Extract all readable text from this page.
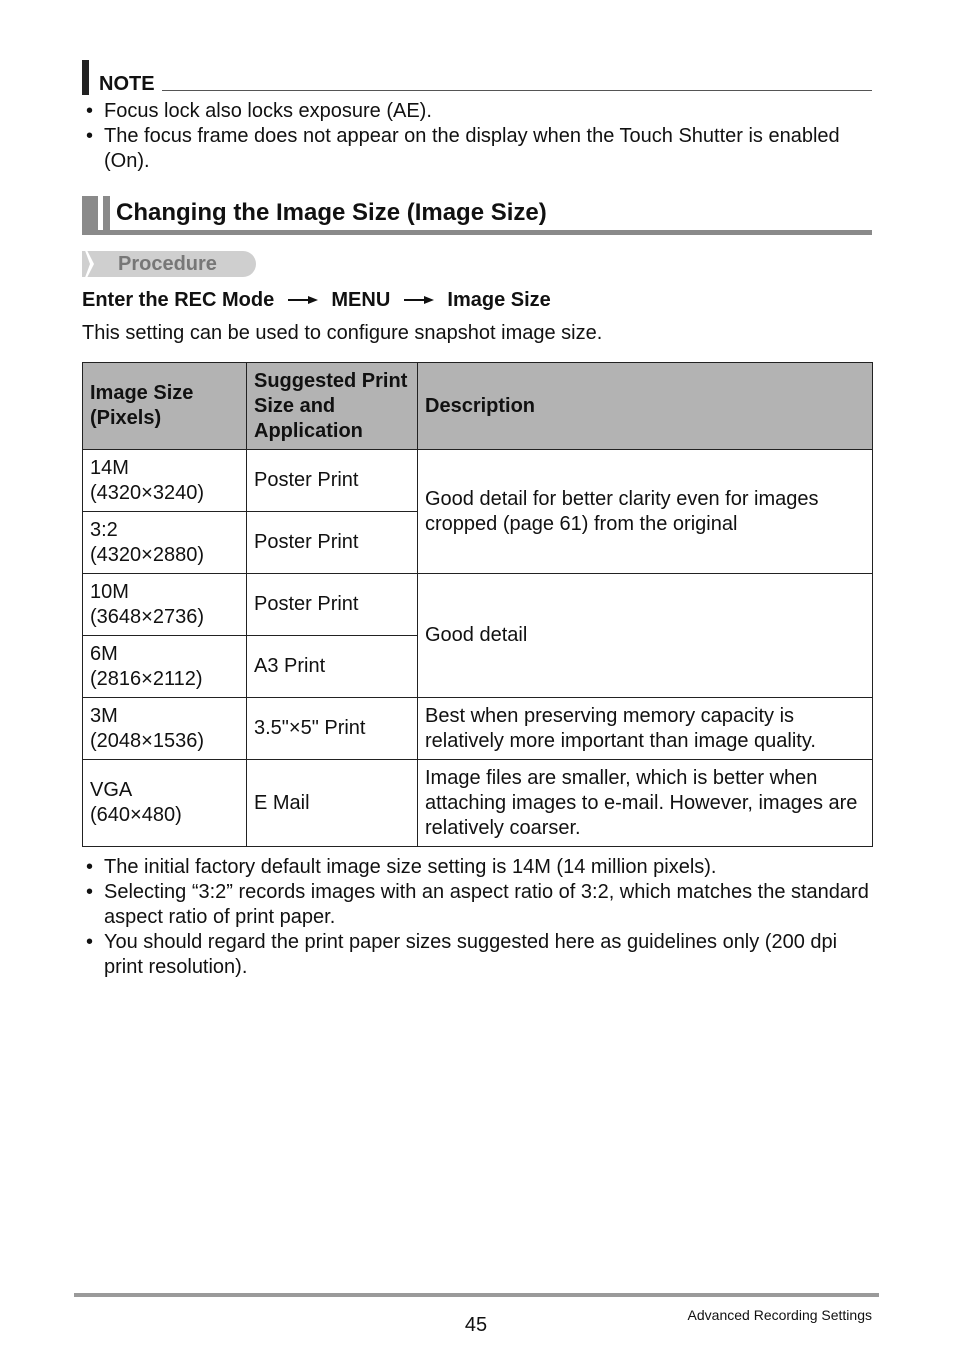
NOTE
• Focus lock also locks exposure (AE).
• The focus frame does not appear on the display when the Touch Shutter is enabled (On).
Changing the Image Size (Image Size)
Procedure
Enter the REC Mode	MENU	Image Size
This setting can be used to configure snapshot image size.
Image Size (Pixels)	Suggested Print Size and Application	Description
14M
(4320×3240)	Poster Print	Good detail for better clarity even for images cropped (page 61) from the original
3:2
(4320×2880)	Poster Print	
10M
(3648×2736)	Poster Print	Good detail
6M
(2816×2112)	A3 Print	
3M
(2048×1536)	3.5"×5" Print	Best when preserving memory capacity is relatively more important than image quality.
VGA
(640×480)	E Mail	Image files are smaller, which is better when attaching images to e-mail. However, images are relatively coarser.
• The initial factory default image size setting is 14M (14 million pixels).
• Selecting “3:2” records images with an aspect ratio of 3:2, which matches the standard aspect ratio of print paper.
• You should regard the print paper sizes suggested here as guidelines only (200 dpi print resolution).
45	Advanced Recording Settings
